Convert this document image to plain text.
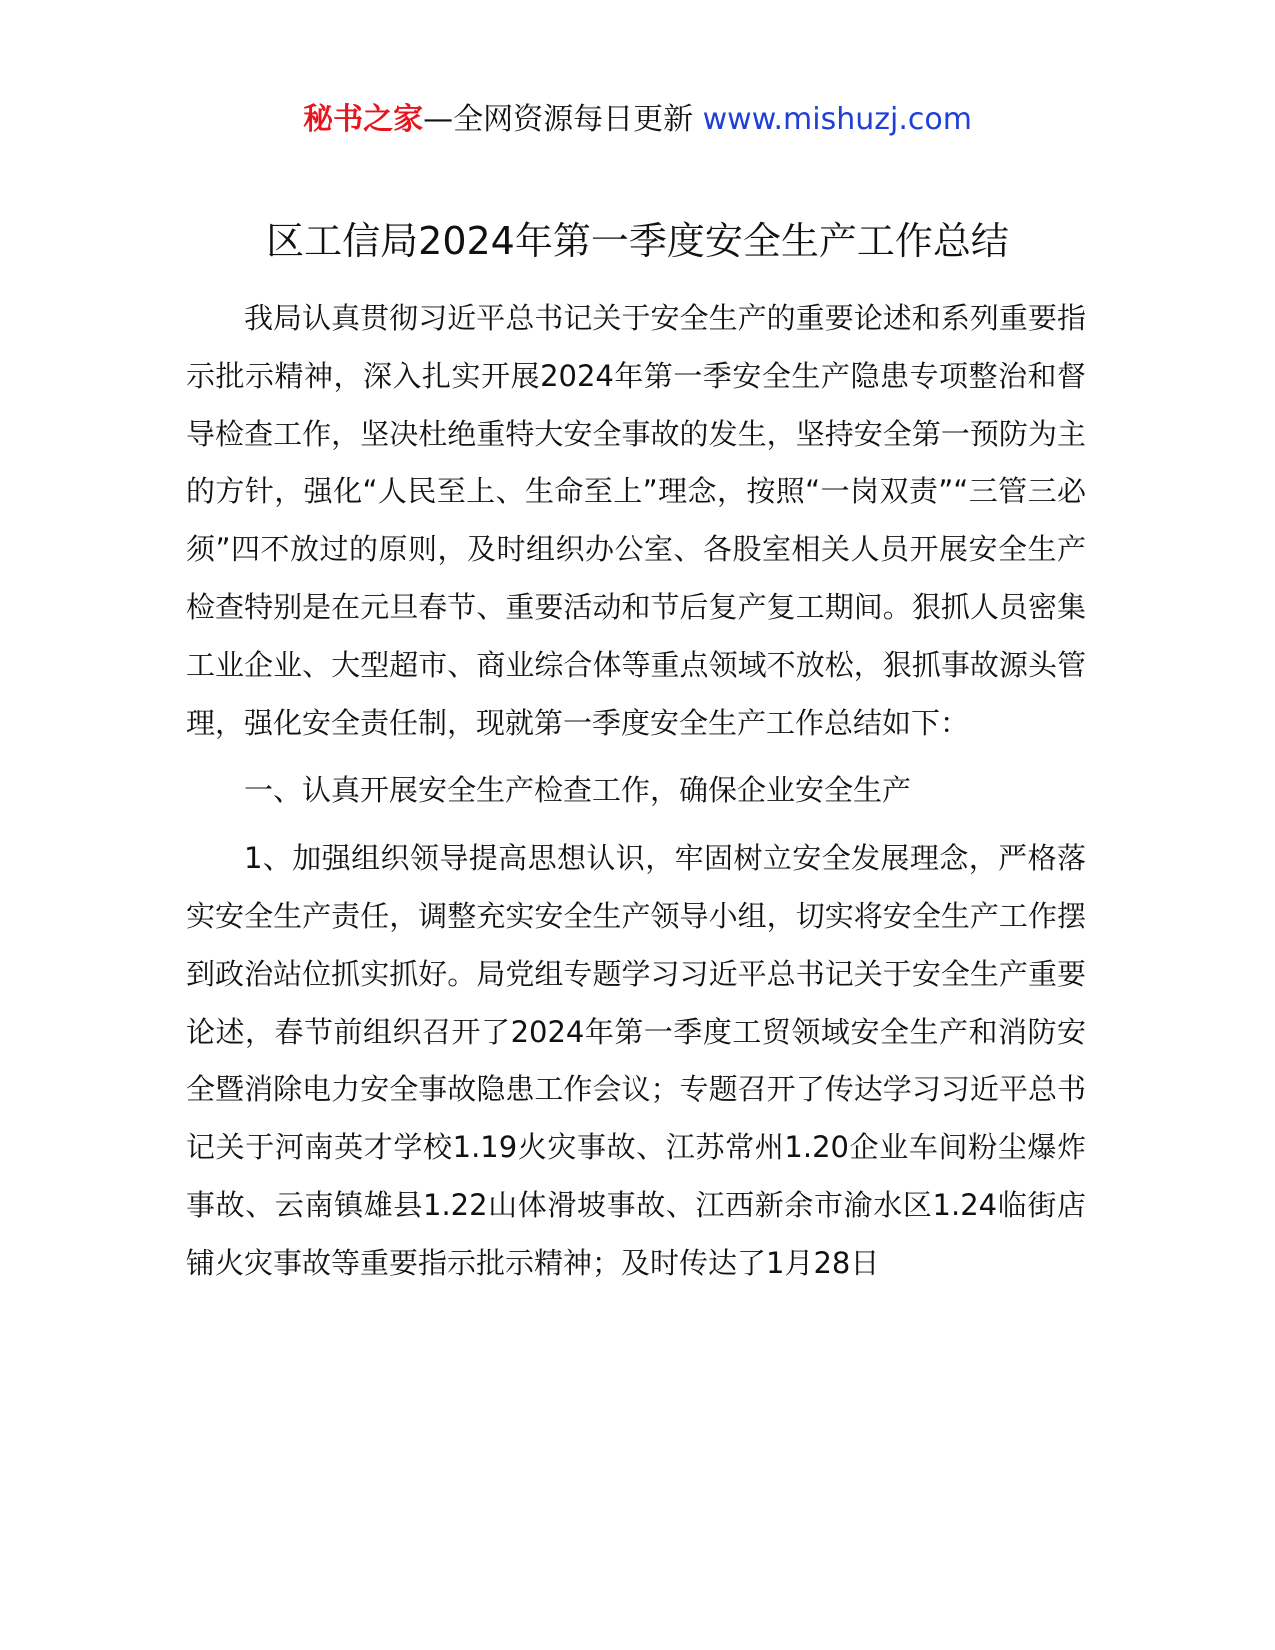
秘书之家—全网资源每日更新 www.mishuzj.com
区工信局2024年第一季度安全生产工作总结

我局认真贯彻习近平总书记关于安全生产的重要论述和系列重要指示批示精神，深入扎实开展2024年第一季安全生产隐患专项整治和督导检查工作，坚决杜绝重特大安全事故的发生，坚持安全第一预防为主的方针，强化“人民至上、生命至上”理念，按照“一岗双责”“三管三必须”四不放过的原则，及时组织办公室、各股室相关人员开展安全生产检查特别是在元旦春节、重要活动和节后复产复工期间。狠抓人员密集工业企业、大型超市、商业综合体等重点领域不放松，狠抓事故源头管理，强化安全责任制，现就第一季度安全生产工作总结如下：

一、认真开展安全生产检查工作，确保企业安全生产

1、加强组织领导提高思想认识，牢固树立安全发展理念，严格落实安全生产责任，调整充实安全生产领导小组，切实将安全生产工作摆到政治站位抓实抓好。局党组专题学习习近平总书记关于安全生产重要论述，春节前组织召开了2024年第一季度工贸领域安全生产和消防安全暨消除电力安全事故隐患工作会议；专题召开了传达学习习近平总书记关于河南英才学校1.19火灾事故、江苏常州1.20企业车间粉尘爆炸事故、云南镇雄县1.22山体滑坡事故、江西新余市渝水区1.24临街店铺火灾事故等重要指示批示精神；及时传达了1月28日
